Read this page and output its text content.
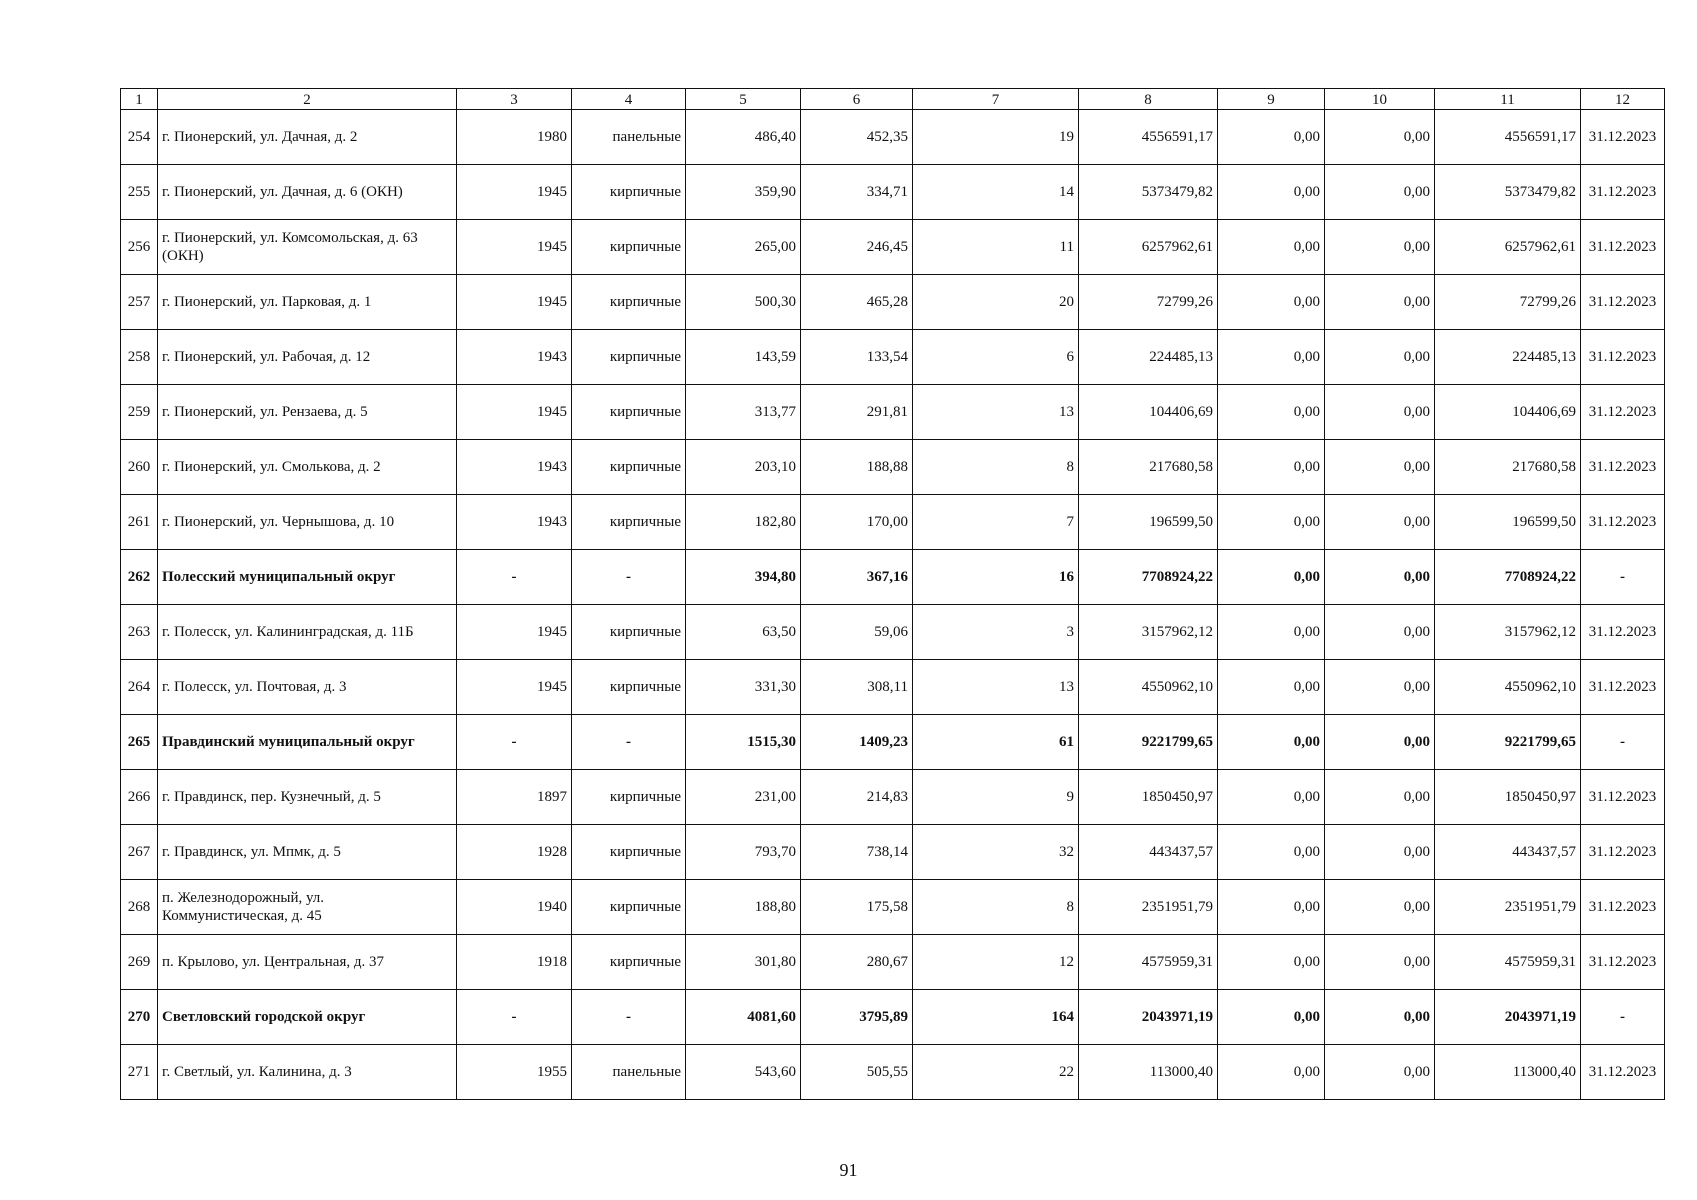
1	2	3	4	5	6	7	8	9	10	11	12
254	г. Пионерский, ул. Дачная, д. 2	1980	панельные	486,40	452,35	19	4556591,17	0,00	0,00	4556591,17	31.12.2023
255	г. Пионерский, ул. Дачная, д. 6 (ОКН)	1945	кирпичные	359,90	334,71	14	5373479,82	0,00	0,00	5373479,82	31.12.2023
256	г. Пионерский, ул. Комсомольская, д. 63 (ОКН)	1945	кирпичные	265,00	246,45	11	6257962,61	0,00	0,00	6257962,61	31.12.2023
257	г. Пионерский, ул. Парковая, д. 1	1945	кирпичные	500,30	465,28	20	72799,26	0,00	0,00	72799,26	31.12.2023
258	г. Пионерский, ул. Рабочая, д. 12	1943	кирпичные	143,59	133,54	6	224485,13	0,00	0,00	224485,13	31.12.2023
259	г. Пионерский, ул. Рензаева, д. 5	1945	кирпичные	313,77	291,81	13	104406,69	0,00	0,00	104406,69	31.12.2023
260	г. Пионерский, ул. Смолькова, д. 2	1943	кирпичные	203,10	188,88	8	217680,58	0,00	0,00	217680,58	31.12.2023
261	г. Пионерский, ул. Чернышова, д. 10	1943	кирпичные	182,80	170,00	7	196599,50	0,00	0,00	196599,50	31.12.2023
262	Полесский муниципальный округ	-	-	394,80	367,16	16	7708924,22	0,00	0,00	7708924,22	-
263	г. Полесск, ул. Калининградская, д. 11Б	1945	кирпичные	63,50	59,06	3	3157962,12	0,00	0,00	3157962,12	31.12.2023
264	г. Полесск, ул. Почтовая, д. 3	1945	кирпичные	331,30	308,11	13	4550962,10	0,00	0,00	4550962,10	31.12.2023
265	Правдинский муниципальный округ	-	-	1515,30	1409,23	61	9221799,65	0,00	0,00	9221799,65	-
266	г. Правдинск, пер. Кузнечный, д. 5	1897	кирпичные	231,00	214,83	9	1850450,97	0,00	0,00	1850450,97	31.12.2023
267	г. Правдинск, ул. Мпмк, д. 5	1928	кирпичные	793,70	738,14	32	443437,57	0,00	0,00	443437,57	31.12.2023
268	п. Железнодорожный, ул. Коммунистическая, д. 45	1940	кирпичные	188,80	175,58	8	2351951,79	0,00	0,00	2351951,79	31.12.2023
269	п. Крылово, ул. Центральная, д. 37	1918	кирпичные	301,80	280,67	12	4575959,31	0,00	0,00	4575959,31	31.12.2023
270	Светловский городской округ	-	-	4081,60	3795,89	164	2043971,19	0,00	0,00	2043971,19	-
271	г. Светлый, ул. Калинина, д. 3	1955	панельные	543,60	505,55	22	113000,40	0,00	0,00	113000,40	31.12.2023
91
